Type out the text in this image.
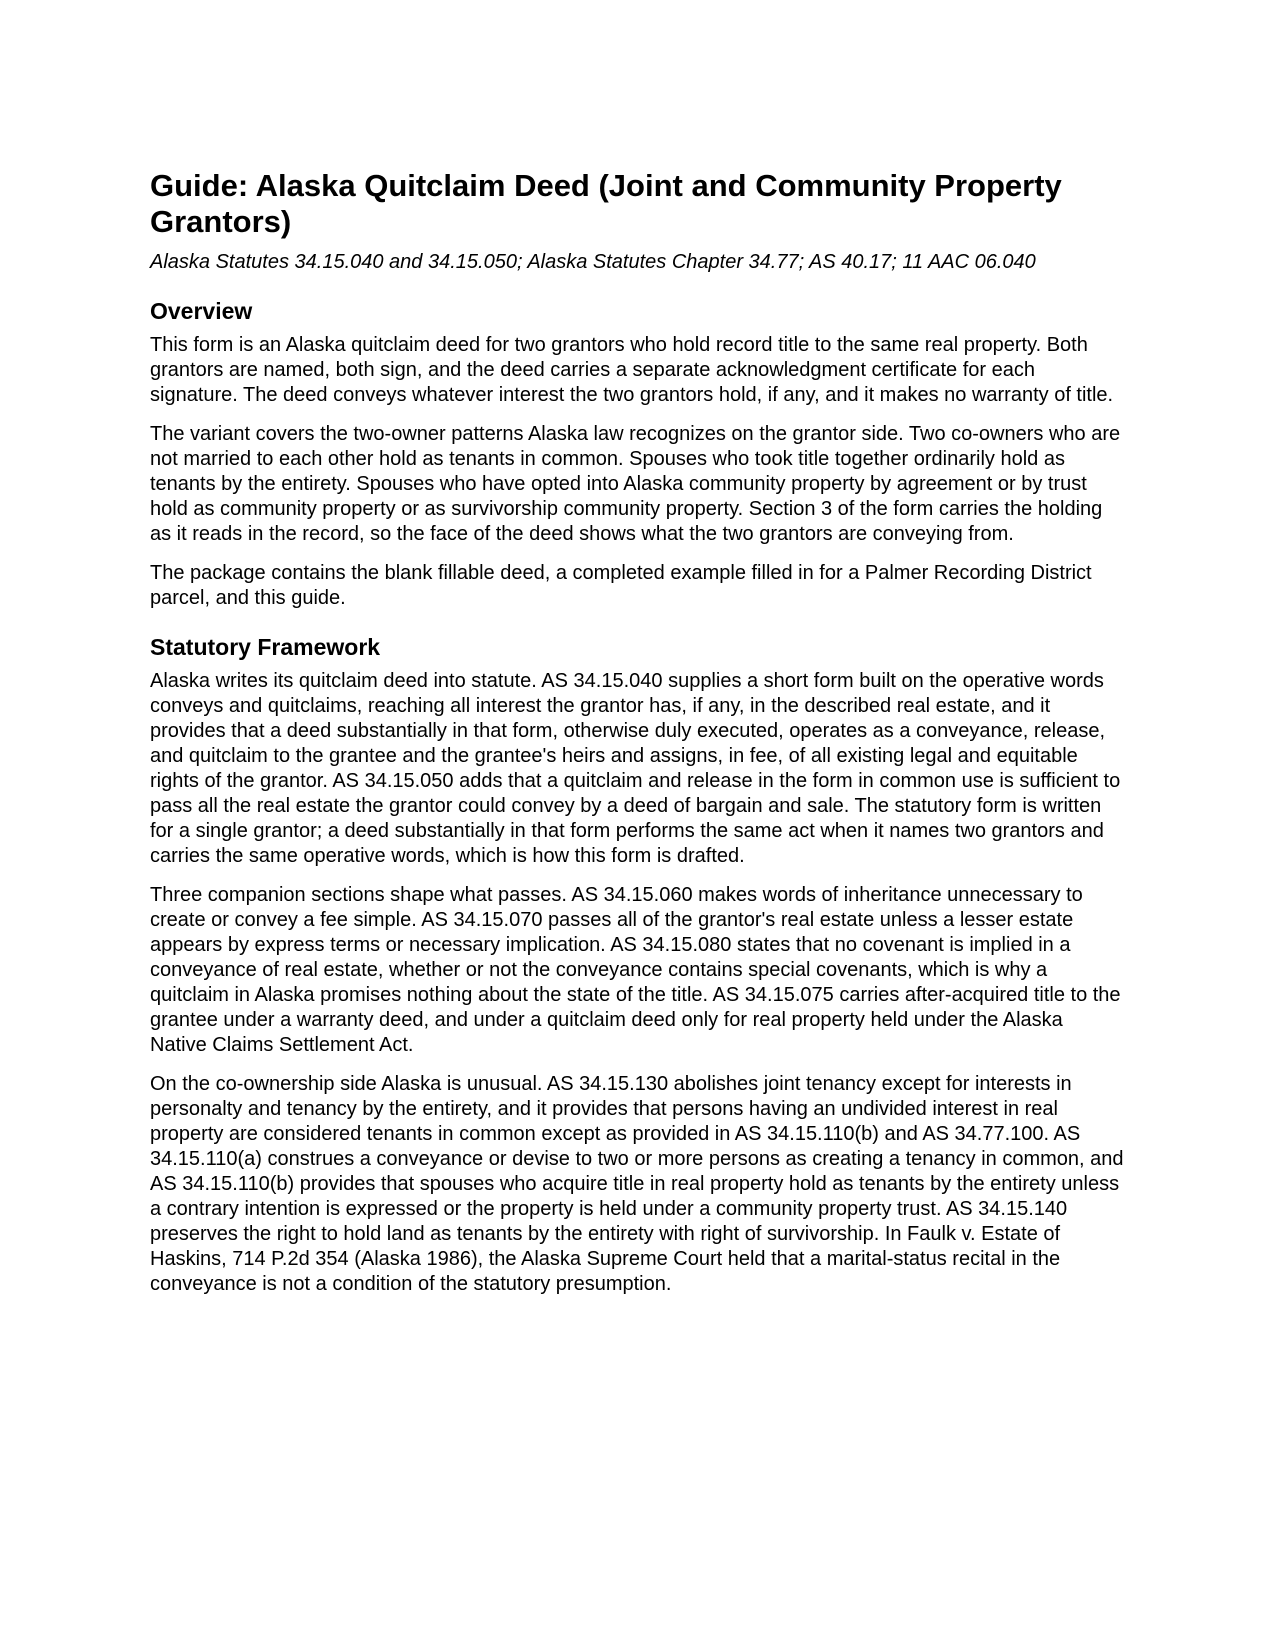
Guide: Alaska Quitclaim Deed (Joint and Community Property Grantors)

Alaska Statutes 34.15.040 and 34.15.050; Alaska Statutes Chapter 34.77; AS 40.17; 11 AAC 06.040

Overview

This form is an Alaska quitclaim deed for two grantors who hold record title to the same real property. Both grantors are named, both sign, and the deed carries a separate acknowledgment certificate for each signature. The deed conveys whatever interest the two grantors hold, if any, and it makes no warranty of title.

The variant covers the two-owner patterns Alaska law recognizes on the grantor side. Two co-owners who are not married to each other hold as tenants in common. Spouses who took title together ordinarily hold as tenants by the entirety. Spouses who have opted into Alaska community property by agreement or by trust hold as community property or as survivorship community property. Section 3 of the form carries the holding as it reads in the record, so the face of the deed shows what the two grantors are conveying from.

The package contains the blank fillable deed, a completed example filled in for a Palmer Recording District parcel, and this guide.

Statutory Framework

Alaska writes its quitclaim deed into statute. AS 34.15.040 supplies a short form built on the operative words conveys and quitclaims, reaching all interest the grantor has, if any, in the described real estate, and it provides that a deed substantially in that form, otherwise duly executed, operates as a conveyance, release, and quitclaim to the grantee and the grantee's heirs and assigns, in fee, of all existing legal and equitable rights of the grantor. AS 34.15.050 adds that a quitclaim and release in the form in common use is sufficient to pass all the real estate the grantor could convey by a deed of bargain and sale. The statutory form is written for a single grantor; a deed substantially in that form performs the same act when it names two grantors and carries the same operative words, which is how this form is drafted.

Three companion sections shape what passes. AS 34.15.060 makes words of inheritance unnecessary to create or convey a fee simple. AS 34.15.070 passes all of the grantor's real estate unless a lesser estate appears by express terms or necessary implication. AS 34.15.080 states that no covenant is implied in a conveyance of real estate, whether or not the conveyance contains special covenants, which is why a quitclaim in Alaska promises nothing about the state of the title. AS 34.15.075 carries after-acquired title to the grantee under a warranty deed, and under a quitclaim deed only for real property held under the Alaska Native Claims Settlement Act.

On the co-ownership side Alaska is unusual. AS 34.15.130 abolishes joint tenancy except for interests in personalty and tenancy by the entirety, and it provides that persons having an undivided interest in real property are considered tenants in common except as provided in AS 34.15.110(b) and AS 34.77.100. AS 34.15.110(a) construes a conveyance or devise to two or more persons as creating a tenancy in common, and AS 34.15.110(b) provides that spouses who acquire title in real property hold as tenants by the entirety unless a contrary intention is expressed or the property is held under a community property trust. AS 34.15.140 preserves the right to hold land as tenants by the entirety with right of survivorship. In Faulk v. Estate of Haskins, 714 P.2d 354 (Alaska 1986), the Alaska Supreme Court held that a marital-status recital in the conveyance is not a condition of the statutory presumption.
